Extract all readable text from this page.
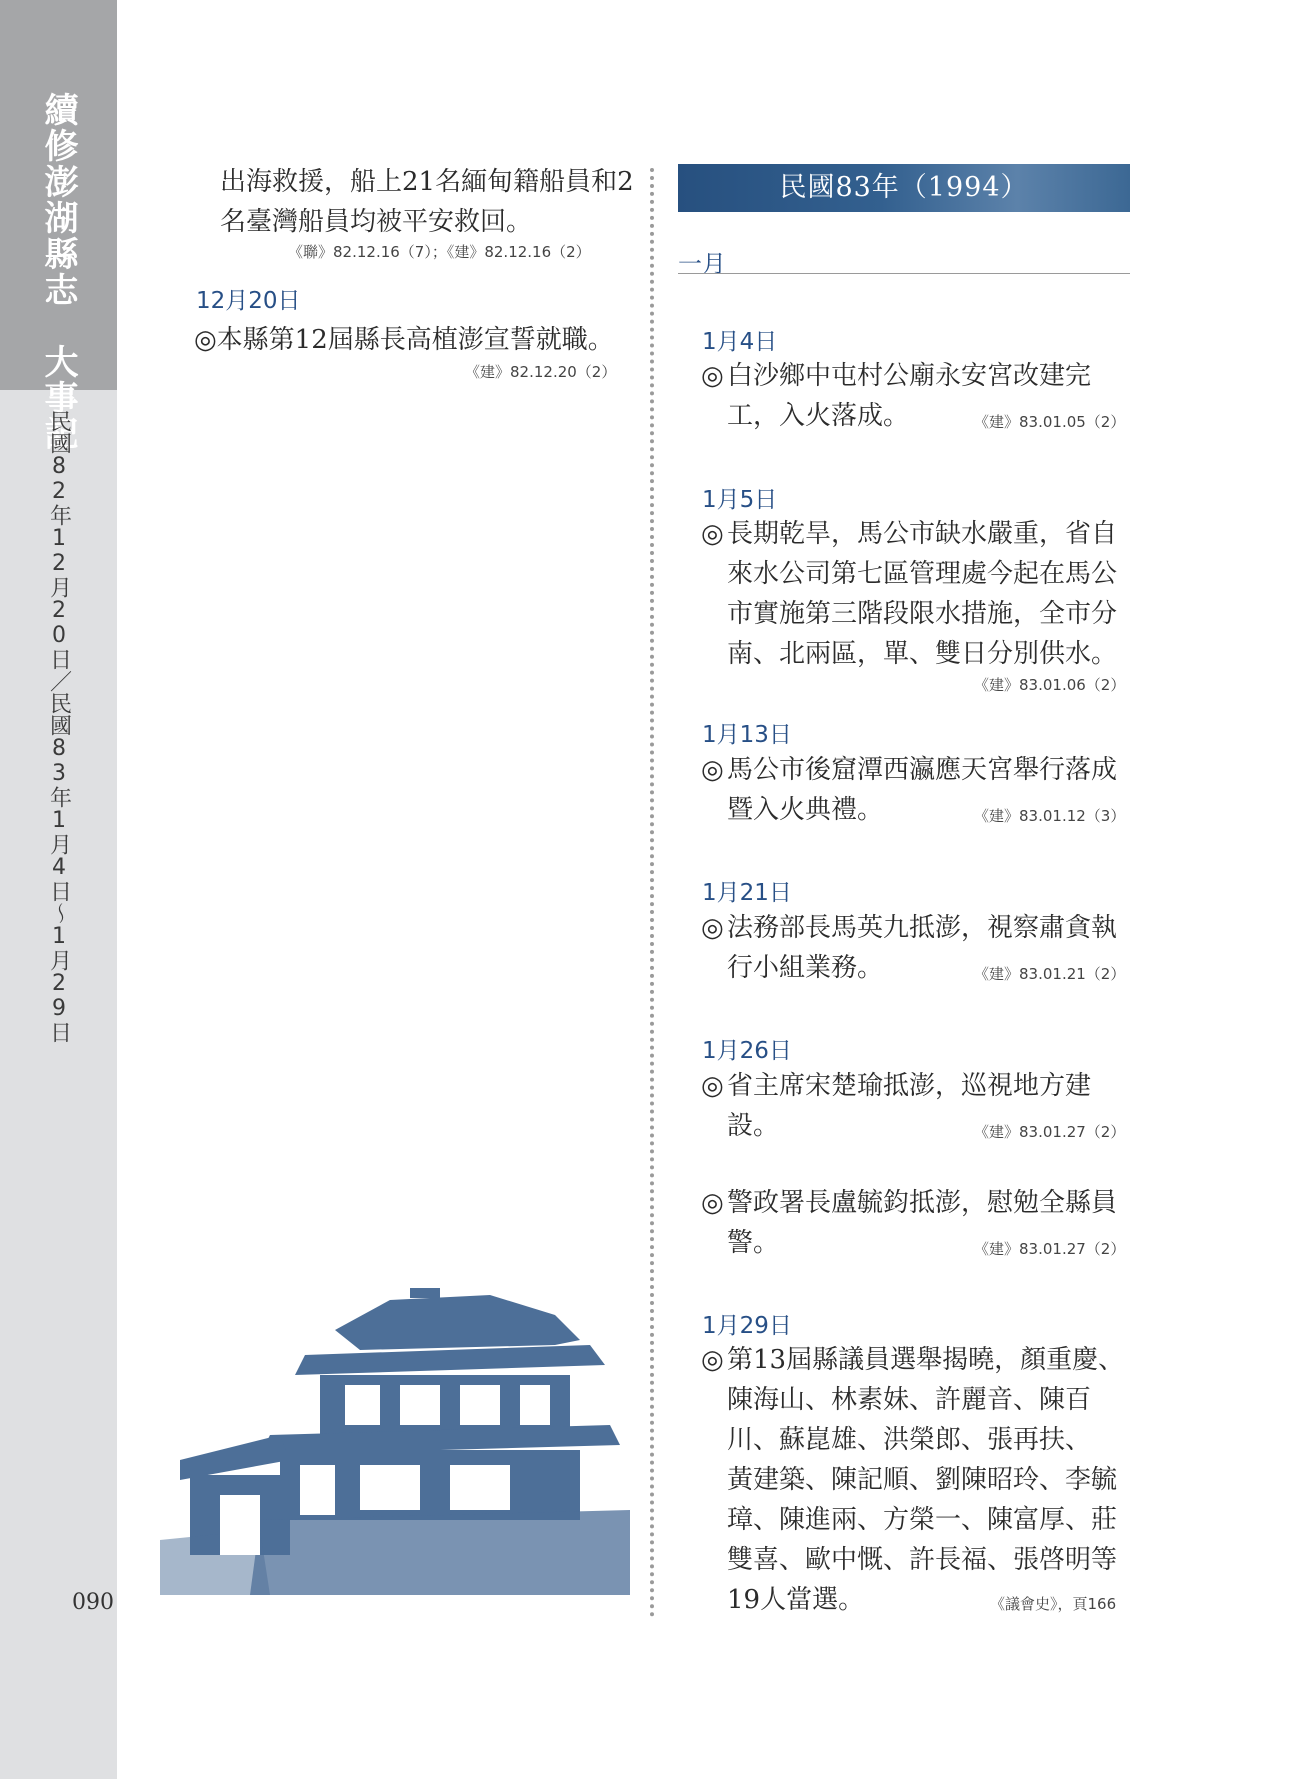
續修澎湖縣志　大事記
民國82年12月20日／民國83年1月4日～1月29日
090
出海救援，船上21名緬甸籍船員和2
名臺灣船員均被平安救回。
《聯》82.12.16（7）；《建》82.12.16（2）
12月20日
◎本縣第12屆縣長高植澎宣誓就職。
《建》82.12.20（2）
民國83年（1994）
一月
1月4日
◎ 白沙鄉中屯村公廟永安宮改建完
工，入火落成。	《建》83.01.05（2）
1月5日
◎ 長期乾旱，馬公市缺水嚴重，省自
來水公司第七區管理處今起在馬公
市實施第三階段限水措施，全市分
南、北兩區，單、雙日分別供水。
《建》83.01.06（2）
1月13日
◎ 馬公市後窟潭西瀛應天宮舉行落成
暨入火典禮。	《建》83.01.12（3）
1月21日
◎ 法務部長馬英九抵澎，視察肅貪執
行小組業務。	《建》83.01.21（2）
1月26日
◎ 省主席宋楚瑜抵澎，巡視地方建
設。	《建》83.01.27（2）
◎ 警政署長盧毓鈞抵澎，慰勉全縣員
警。	《建》83.01.27（2）
1月29日
◎ 第13屆縣議員選舉揭曉，顏重慶、
陳海山、林素妹、許麗音、陳百
川、蘇崑雄、洪榮郎、張再扶、
黃建築、陳記順、劉陳昭玲、李毓
璋、陳進兩、方榮一、陳富厚、莊
雙喜、歐中慨、許長福、張啓明等
19人當選。	《議會史》，頁166
